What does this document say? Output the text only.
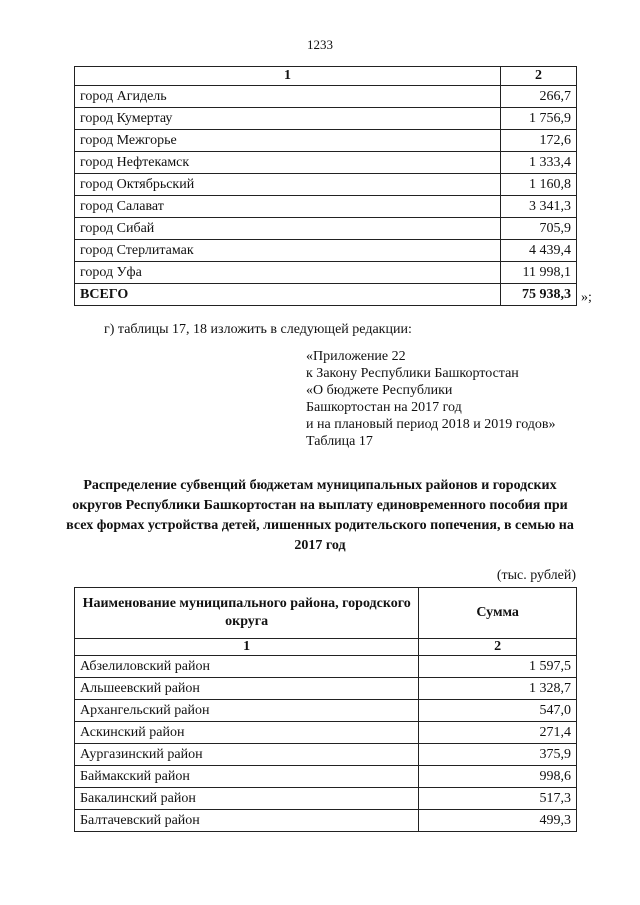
1233
1	2
город Агидель	266,7
город Кумертау	1 756,9
город Межгорье	172,6
город Нефтекамск	1 333,4
город Октябрьский	1 160,8
город Салават	3 341,3
город Сибай	705,9
город Стерлитамак	4 439,4
город Уфа	11 998,1
ВСЕГО	75 938,3 »;
г) таблицы 17, 18 изложить в следующей редакции:
«Приложение 22
к Закону Республики Башкортостан
«О бюджете Республики
Башкортостан на 2017 год
и на плановый период 2018 и 2019 годов»
Таблица 17
Распределение субвенций бюджетам муниципальных районов и городских округов Республики Башкортостан на выплату единовременного пособия при всех формах устройства детей, лишенных родительского попечения, в семью на 2017 год
(тыс. рублей)
Наименование муниципального района, городского округа	Сумма
1	2
Абзелиловский район	1 597,5
Альшеевский район	1 328,7
Архангельский район	547,0
Аскинский район	271,4
Аургазинский район	375,9
Баймакский район	998,6
Бакалинский район	517,3
Балтачевский район	499,3
